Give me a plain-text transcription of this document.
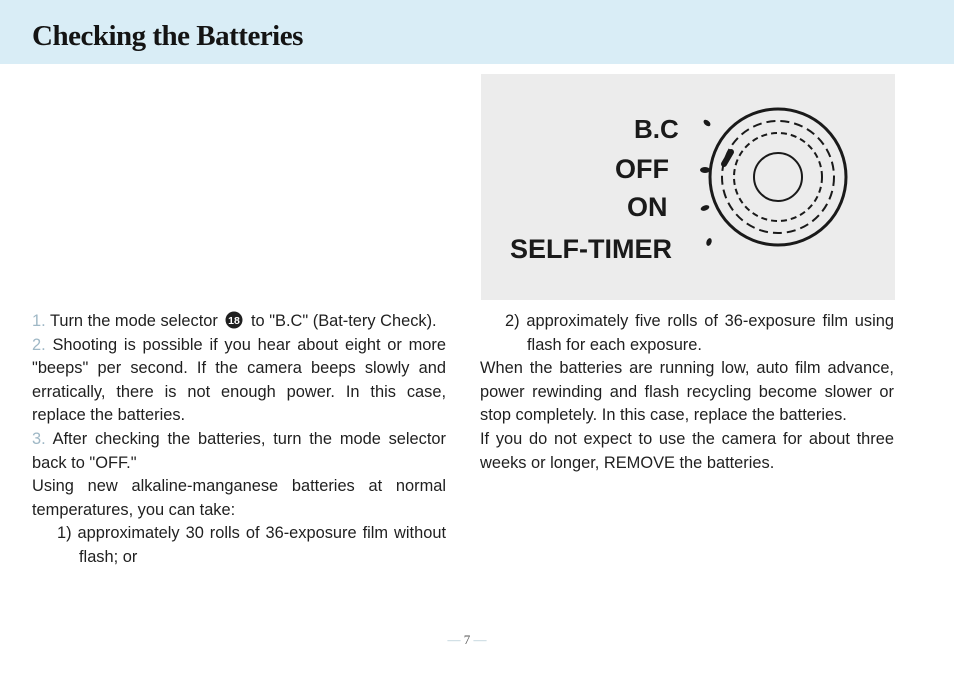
Checking the Batteries
B.C
OFF
ON
SELF-TIMER

1. Turn the mode selector 18 to "B.C" (Bat-tery Check).

2. Shooting is possible if you hear about eight or more "beeps" per second. If the camera beeps slowly and erratically, there is not enough power. In this case, replace the batteries.

3. After checking the batteries, turn the mode selector back to "OFF."

Using new alkaline-manganese batteries at normal temperatures, you can take:

1) approximately 30 rolls of 36-exposure film without flash; or

2) approximately five rolls of 36-exposure film using flash for each exposure.

When the batteries are running low, auto film advance, power rewinding and flash recycling become slower or stop completely. In this case, replace the batteries.

If you do not expect to use the camera for about three weeks or longer, REMOVE the batteries.

— 7 —
